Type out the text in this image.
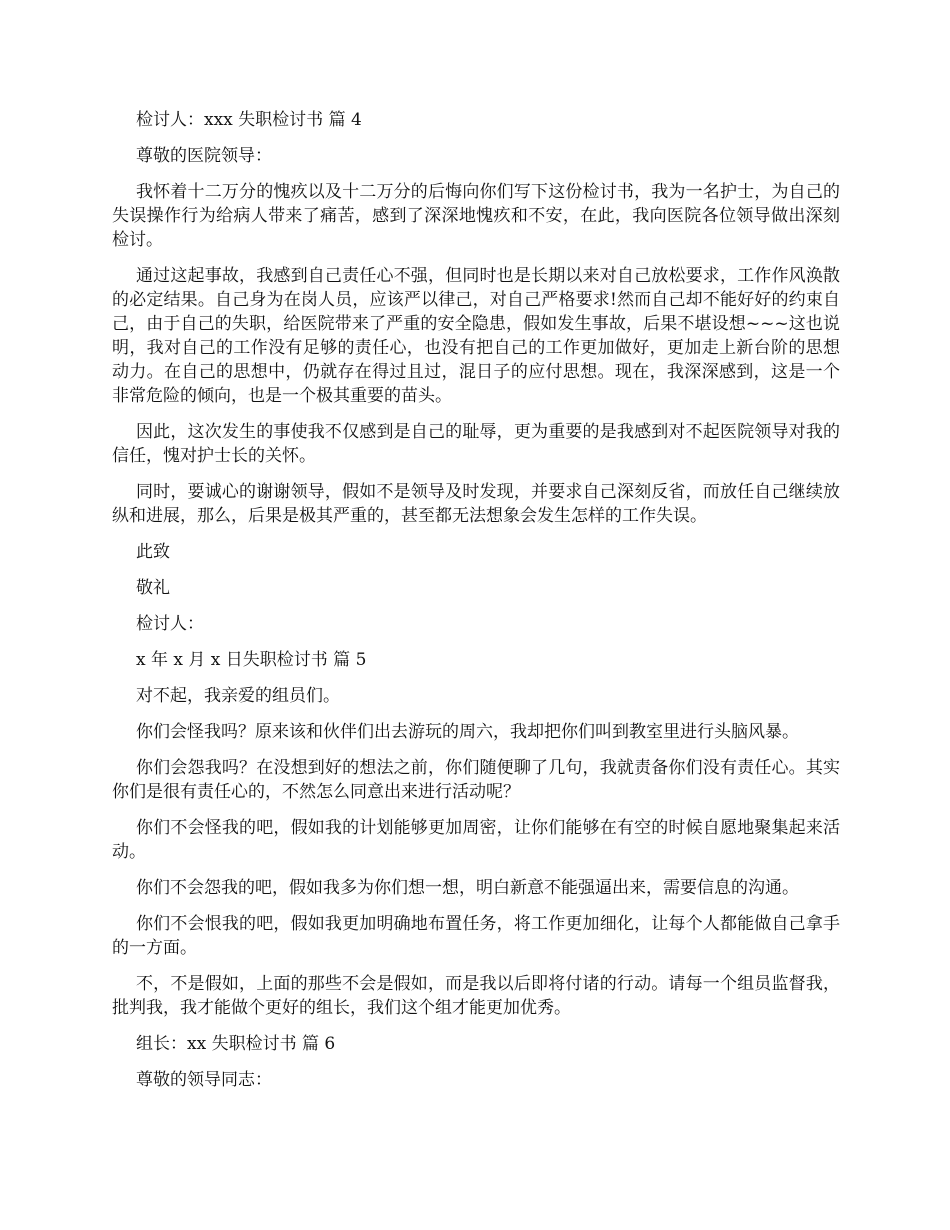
检讨人：xxx 失职检讨书 篇 4

尊敬的医院领导：

我怀着十二万分的愧疚以及十二万分的后悔向你们写下这份检讨书，我为一名护士，为自己的失误操作行为给病人带来了痛苦，感到了深深地愧疚和不安，在此，我向医院各位领导做出深刻检讨。

通过这起事故，我感到自己责任心不强，但同时也是长期以来对自己放松要求，工作作风涣散的必定结果。自己身为在岗人员，应该严以律己，对自己严格要求!然而自己却不能好好的约束自己，由于自己的失职，给医院带来了严重的安全隐患，假如发生事故，后果不堪设想~~~这也说明，我对自己的工作没有足够的责任心，也没有把自己的工作更加做好，更加走上新台阶的思想动力。在自己的思想中，仍就存在得过且过，混日子的应付思想。现在，我深深感到，这是一个非常危险的倾向，也是一个极其重要的苗头。

因此，这次发生的事使我不仅感到是自己的耻辱，更为重要的是我感到对不起医院领导对我的信任，愧对护士长的关怀。

同时，要诚心的谢谢领导，假如不是领导及时发现，并要求自己深刻反省，而放任自己继续放纵和进展，那么，后果是极其严重的，甚至都无法想象会发生怎样的工作失误。

此致

敬礼

检讨人：

x 年 x 月 x 日失职检讨书 篇 5

对不起，我亲爱的组员们。

你们会怪我吗？原来该和伙伴们出去游玩的周六，我却把你们叫到教室里进行头脑风暴。

你们会怨我吗？在没想到好的想法之前，你们随便聊了几句，我就责备你们没有责任心。其实你们是很有责任心的，不然怎么同意出来进行活动呢？

你们不会怪我的吧，假如我的计划能够更加周密，让你们能够在有空的时候自愿地聚集起来活动。

你们不会怨我的吧，假如我多为你们想一想，明白新意不能强逼出来，需要信息的沟通。

你们不会恨我的吧，假如我更加明确地布置任务，将工作更加细化，让每个人都能做自己拿手的一方面。

不，不是假如，上面的那些不会是假如，而是我以后即将付诸的行动。请每一个组员监督我，批判我，我才能做个更好的组长，我们这个组才能更加优秀。

组长：xx 失职检讨书 篇 6

尊敬的领导同志：
